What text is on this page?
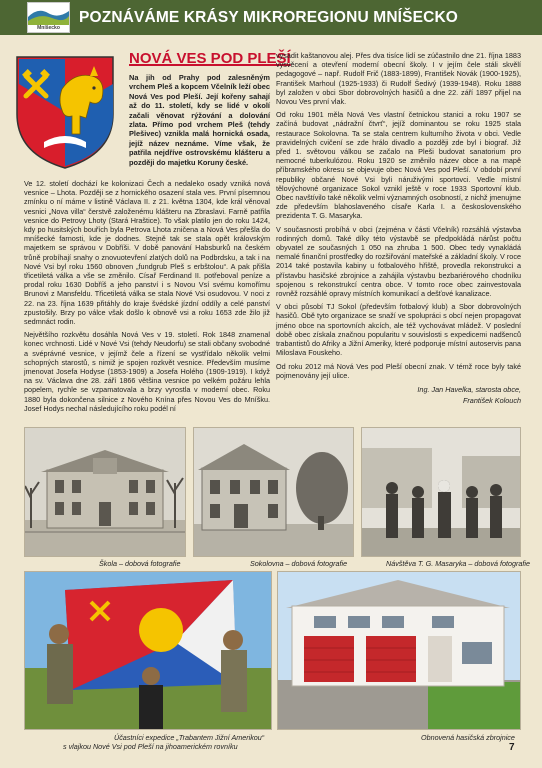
Mníšecko
POZNÁVÁME KRÁSY MIKROREGIONU MNÍŠECKO
NOVÁ VES POD PLEŠÍ

Na jih od Prahy pod zalesněným vrchem Pleš a kopcem Včelník leží obec Nová Ves pod Pleší. Její kořeny sahají až do 11. století, kdy se lidé v okolí začali věnovat rýžování a dolování zlata. Přímo pod vrchem Pleš (tehdy Plešivec) vznikla malá hornická osada, jejíž název neznáme. Víme však, že patřila nejdříve ostrovskému klášteru a později do majetku Koruny české.

Ve 12. století dochází ke kolonizaci Čech a nedaleko osady vzniká nová vesnice – Lhota. Později se z hornického osazení stala ves. První písemnou zmínku o ní máme v listině Václava II. z 21. května 1304, kde král věnoval vesnici „Nova villa“ čerstvě založenému klášteru na Zbraslavi. Farně patřila vesnice do Petrovy Lhoty (Stará Hraštice). To však platilo jen do roku 1424, kdy po husitských bouřích byla Petrova Lhota zničena a Nová Ves přešla do mníšecké farnosti, kde je dodnes. Stejně tak se stala opět královským majetkem se správou v Dobříši. V době panování Habsburků na českém trůně probíhají snahy o znovuotevření zlatých dolů na Podbrdsku, a tak i na Nové Vsi byl roku 1560 obnoven „fundgrub Pleš s erbštolou“. A pak přišla třicetiletá válka a vše se změnilo. Císař Ferdinand II. potřeboval peníze a prodal roku 1630 Dobříš a jeho panství i s Novou Vsí svému komořímu Brunovi z Mansfeldu. Třicetiletá válka se stala Nové Vsi osudovou. V noci z 22. na 23. října 1639 přitáhly do kraje švédské jízdní oddíly a celé panství zpustošily. Brzy po válce však došlo k obnově vsi a roku 1653 zde žilo již sedmnáct rodin.

Největšího rozkvětu dosáhla Nová Ves v 19. století. Rok 1848 znamenal konec vrchnosti. Lidé v Nové Vsi (tehdy Neudorfu) se stali občany svobodné a svéprávné vesnice, v jejímž čele a řízení se vystřídalo několik velmi schopných starostů, s nimiž je spojen rozkvět vesnice. Především musíme jmenovat Josefa Hodyse (1853-1909) a Josefa Holého (1909-1919). I když na sv. Václava dne 28. září 1866 většina vesnice po velkém požáru lehla popelem, rychle se vzpamatovala a brzy vyrostla v moderní obec. Roku 1880 byla dokončena silnice z Nového Knína přes Novou Ves do Mníšku. Josef Hodys nechal následujícího roku podél ní

vysadit kaštanovou alej. Přes dva tisíce lidí se zúčastnilo dne 21. října 1883 vysvěcení a otevření moderní obecní školy. I v jejím čele stáli skvělí pedagogové – např. Rudolf Frič (1883-1899), František Novák (1900-1925), František Marhoul (1925-1933) či Rudolf Šedivý (1939-1948). Roku 1888 byl založen v obci Sbor dobrovolných hasičů a dne 22. září 1897 přijel na Novou Ves první vlak.

Od roku 1901 měla Nová Ves vlastní četnickou stanici a roku 1907 se začíná budovat „nádražní čtvrť“, jejíž dominantou se roku 1925 stala restaurace Sokolovna. Ta se stala centrem kulturního života v obci. Vedle pravidelných cvičení se zde hrálo divadlo a později zde byl i biograf. Již před 1. světovou válkou se začalo na Pleši budovat sanatorium pro nemocné tuberkulózou. Roku 1920 se změnilo název obce a na mapě příbramského okresu se objevuje obec Nová Ves pod Pleší. V období první republiky občané Nové Vsi byli náruživými sportovci. Vedle místní tělovýchovné organizace Sokol vznikl ještě v roce 1933 Sportovní klub. Obec navštívilo také několik velmi významných osobností, z nichž jmenujme zde především blahoslaveného císaře Karla I. a československého prezidenta T. G. Masaryka.

V současnosti probíhá v obci (zejména v části Včelník) rozsáhlá výstavba rodinných domů. Také díky této výstavbě se předpokládá nárůst počtu obyvatel ze současných 1 050 na zhruba 1 500. Obec tedy vynakládá nemalé finanční prostředky do rozšiřování mateřské a základní školy. V roce 2014 také postavila kabiny u fotbalového hřiště, provedla rekonstrukci a přístavbu hasičské zbrojnice a zahájila výstavbu bezbariérového chodníku spojenou s rekonstrukcí centra obce. V tomto roce obec zainvestovala rovněž rozsáhlé opravy místních komunikací a dešťové kanalizace.

V obci působí TJ Sokol (především fotbalový klub) a Sbor dobrovolných hasičů. Obě tyto organizace se snaží ve spolupráci s obcí nejen propagovat jméno obce na sportovních akcích, ale též vychovávat mládež. V poslední době obec získala značnou popularitu v souvislosti s expedicemi nadšenců trabantistů do Afriky a Jižní Ameriky, které podporuje místní autoservis pana Miloslava Fouskeho.

Od roku 2012 má Nová Ves pod Pleší obecní znak. V témž roce byly také pojmenovány její ulice.

Ing. Jan Havelka, starosta obce,
František Kolouch
Škola – dobová fotografie	Sokolovna – dobová fotografie	Návštěva T. G. Masaryka – dobová fotografie
Účastníci expedice „Trabantem Jižní Amerikou“
s vlajkou Nové Vsi pod Pleší na jihoamerickém rovníku
Obnovená hasičská zbrojnice
7
